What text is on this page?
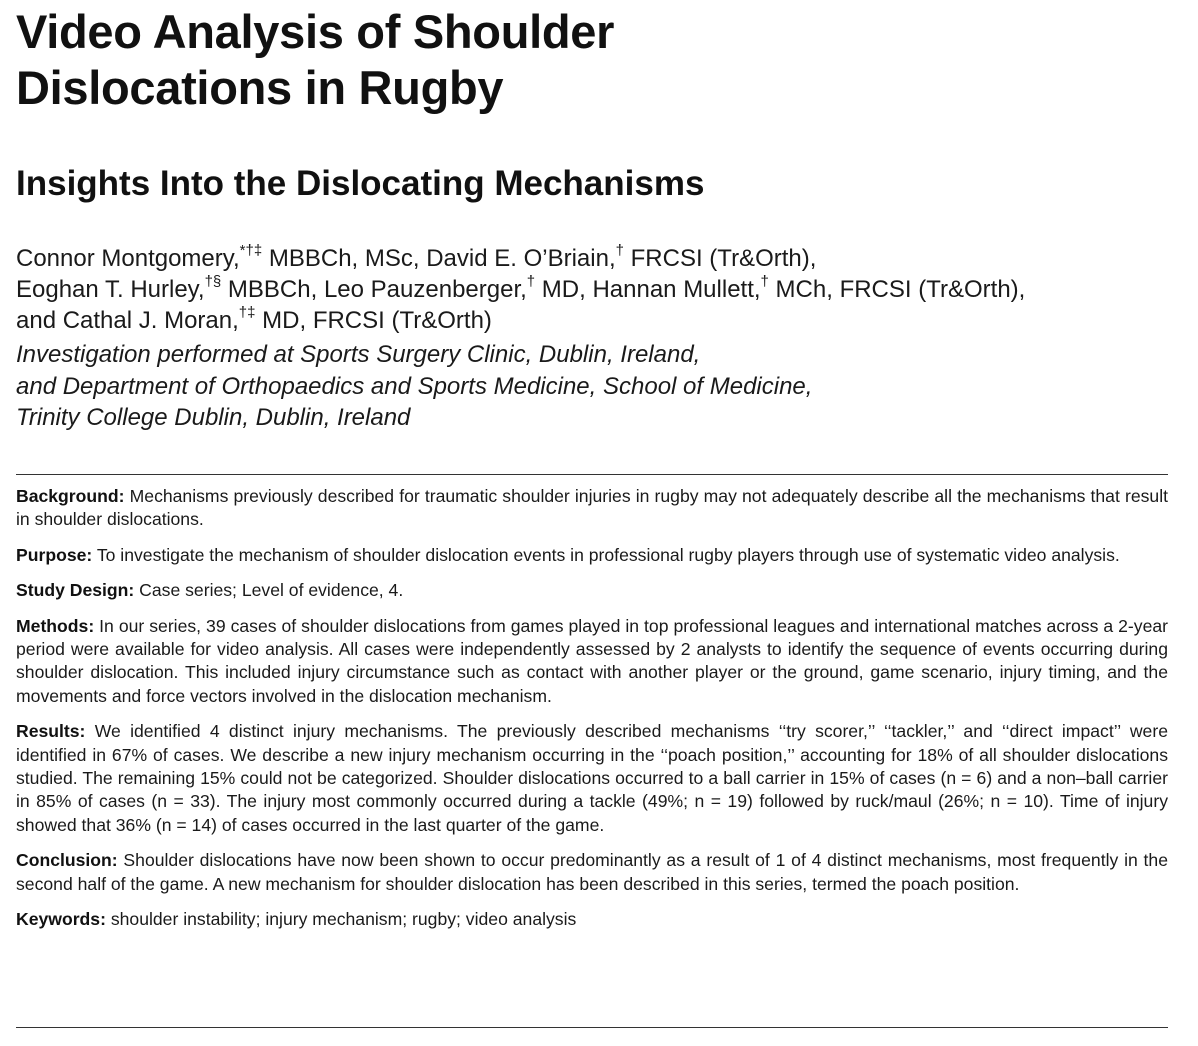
Video Analysis of Shoulder
Dislocations in Rugby
Insights Into the Dislocating Mechanisms
Connor Montgomery,*†‡ MBBCh, MSc, David E. O’Briain,† FRCSI (Tr&Orth),
Eoghan T. Hurley,†§ MBBCh, Leo Pauzenberger,† MD, Hannan Mullett,† MCh, FRCSI (Tr&Orth),
and Cathal J. Moran,†‡ MD, FRCSI (Tr&Orth)
Investigation performed at Sports Surgery Clinic, Dublin, Ireland,
and Department of Orthopaedics and Sports Medicine, School of Medicine,
Trinity College Dublin, Dublin, Ireland

Background: Mechanisms previously described for traumatic shoulder injuries in rugby may not adequately describe all the mechanisms that result in shoulder dislocations.

Purpose: To investigate the mechanism of shoulder dislocation events in professional rugby players through use of systematic video analysis.

Study Design: Case series; Level of evidence, 4.

Methods: In our series, 39 cases of shoulder dislocations from games played in top professional leagues and international matches across a 2-year period were available for video analysis. All cases were independently assessed by 2 analysts to identify the sequence of events occurring during shoulder dislocation. This included injury circumstance such as contact with another player or the ground, game scenario, injury timing, and the movements and force vectors involved in the dislocation mechanism.

Results: We identified 4 distinct injury mechanisms. The previously described mechanisms ‘‘try scorer,’’ ‘‘tackler,’’ and ‘‘direct impact’’ were identified in 67% of cases. We describe a new injury mechanism occurring in the ‘‘poach position,’’ accounting for 18% of all shoulder dislocations studied. The remaining 15% could not be categorized. Shoulder dislocations occurred to a ball carrier in 15% of cases (n = 6) and a non–ball carrier in 85% of cases (n = 33). The injury most commonly occurred during a tackle (49%; n = 19) followed by ruck/maul (26%; n = 10). Time of injury showed that 36% (n = 14) of cases occurred in the last quarter of the game.

Conclusion: Shoulder dislocations have now been shown to occur predominantly as a result of 1 of 4 distinct mechanisms, most frequently in the second half of the game. A new mechanism for shoulder dislocation has been described in this series, termed the poach position.

Keywords: shoulder instability; injury mechanism; rugby; video analysis
